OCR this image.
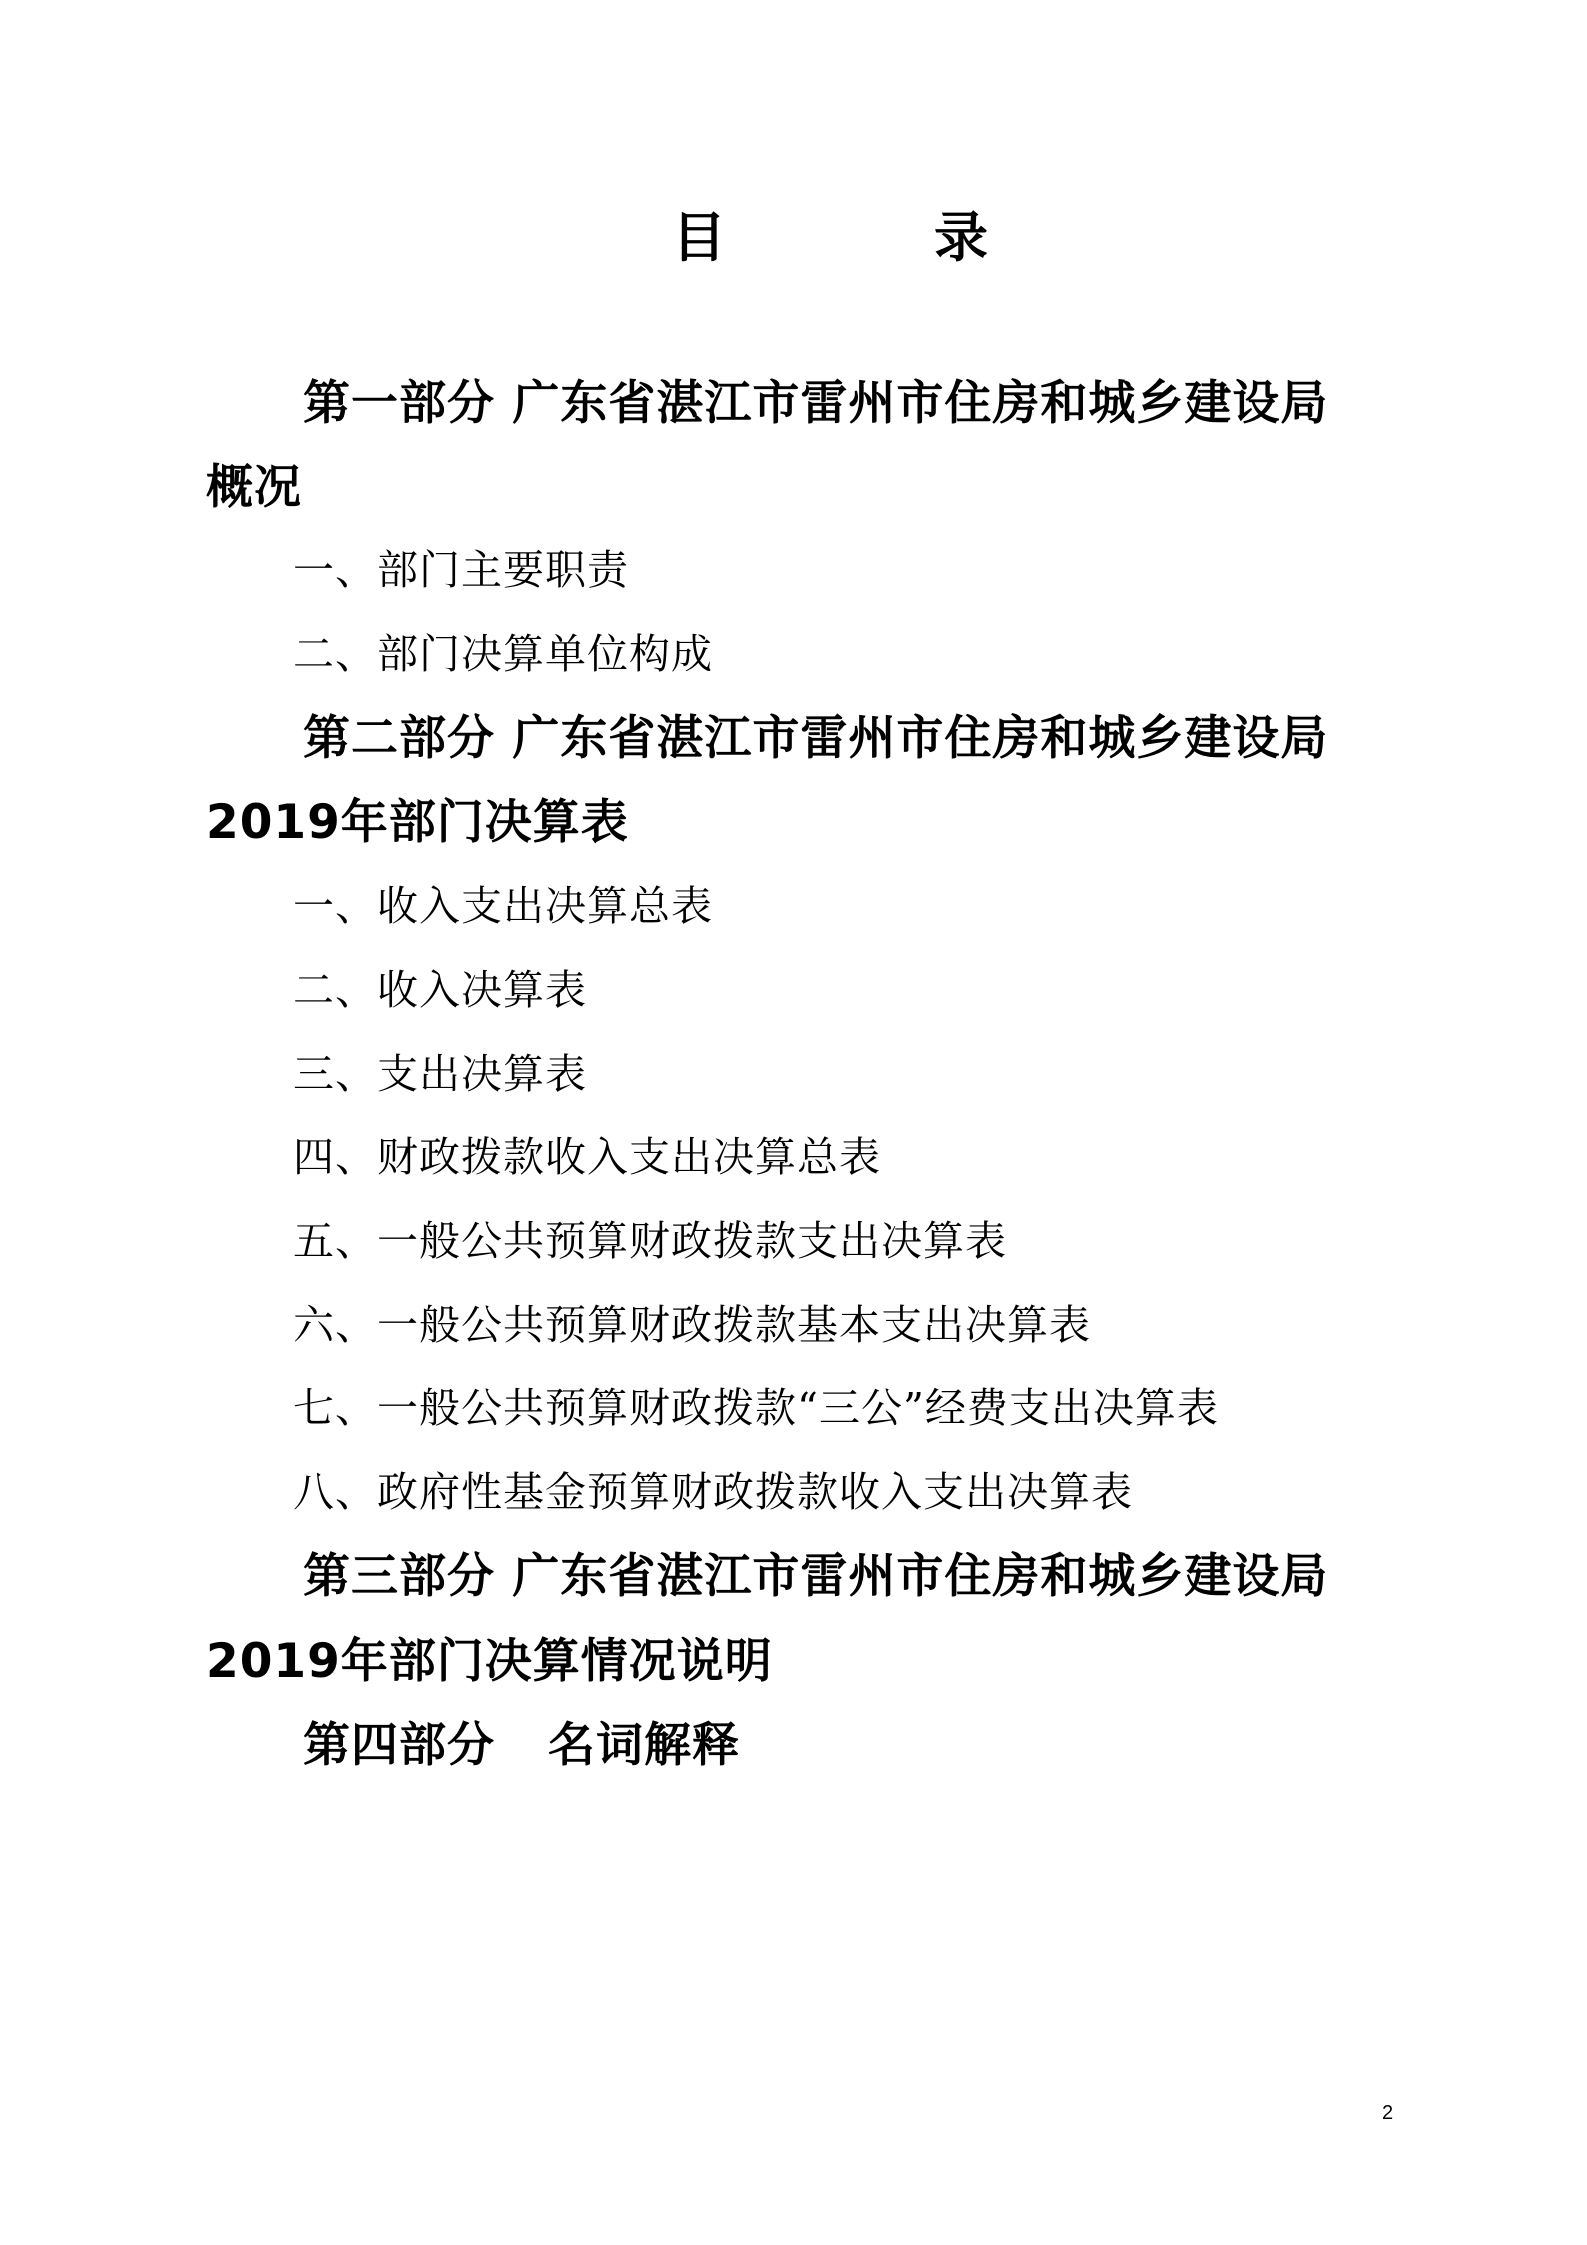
目	录
第一部分 广东省湛江市雷州市住房和城乡建设局
概况
一、部门主要职责
二、部门决算单位构成
第二部分 广东省湛江市雷州市住房和城乡建设局
2019年部门决算表
一、收入支出决算总表
二、收入决算表
三、支出决算表
四、财政拨款收入支出决算总表
五、一般公共预算财政拨款支出决算表
六、一般公共预算财政拨款基本支出决算表
七、一般公共预算财政拨款“三公”经费支出决算表
八、政府性基金预算财政拨款收入支出决算表
第三部分 广东省湛江市雷州市住房和城乡建设局
2019年部门决算情况说明
第四部分 名词解释
2
